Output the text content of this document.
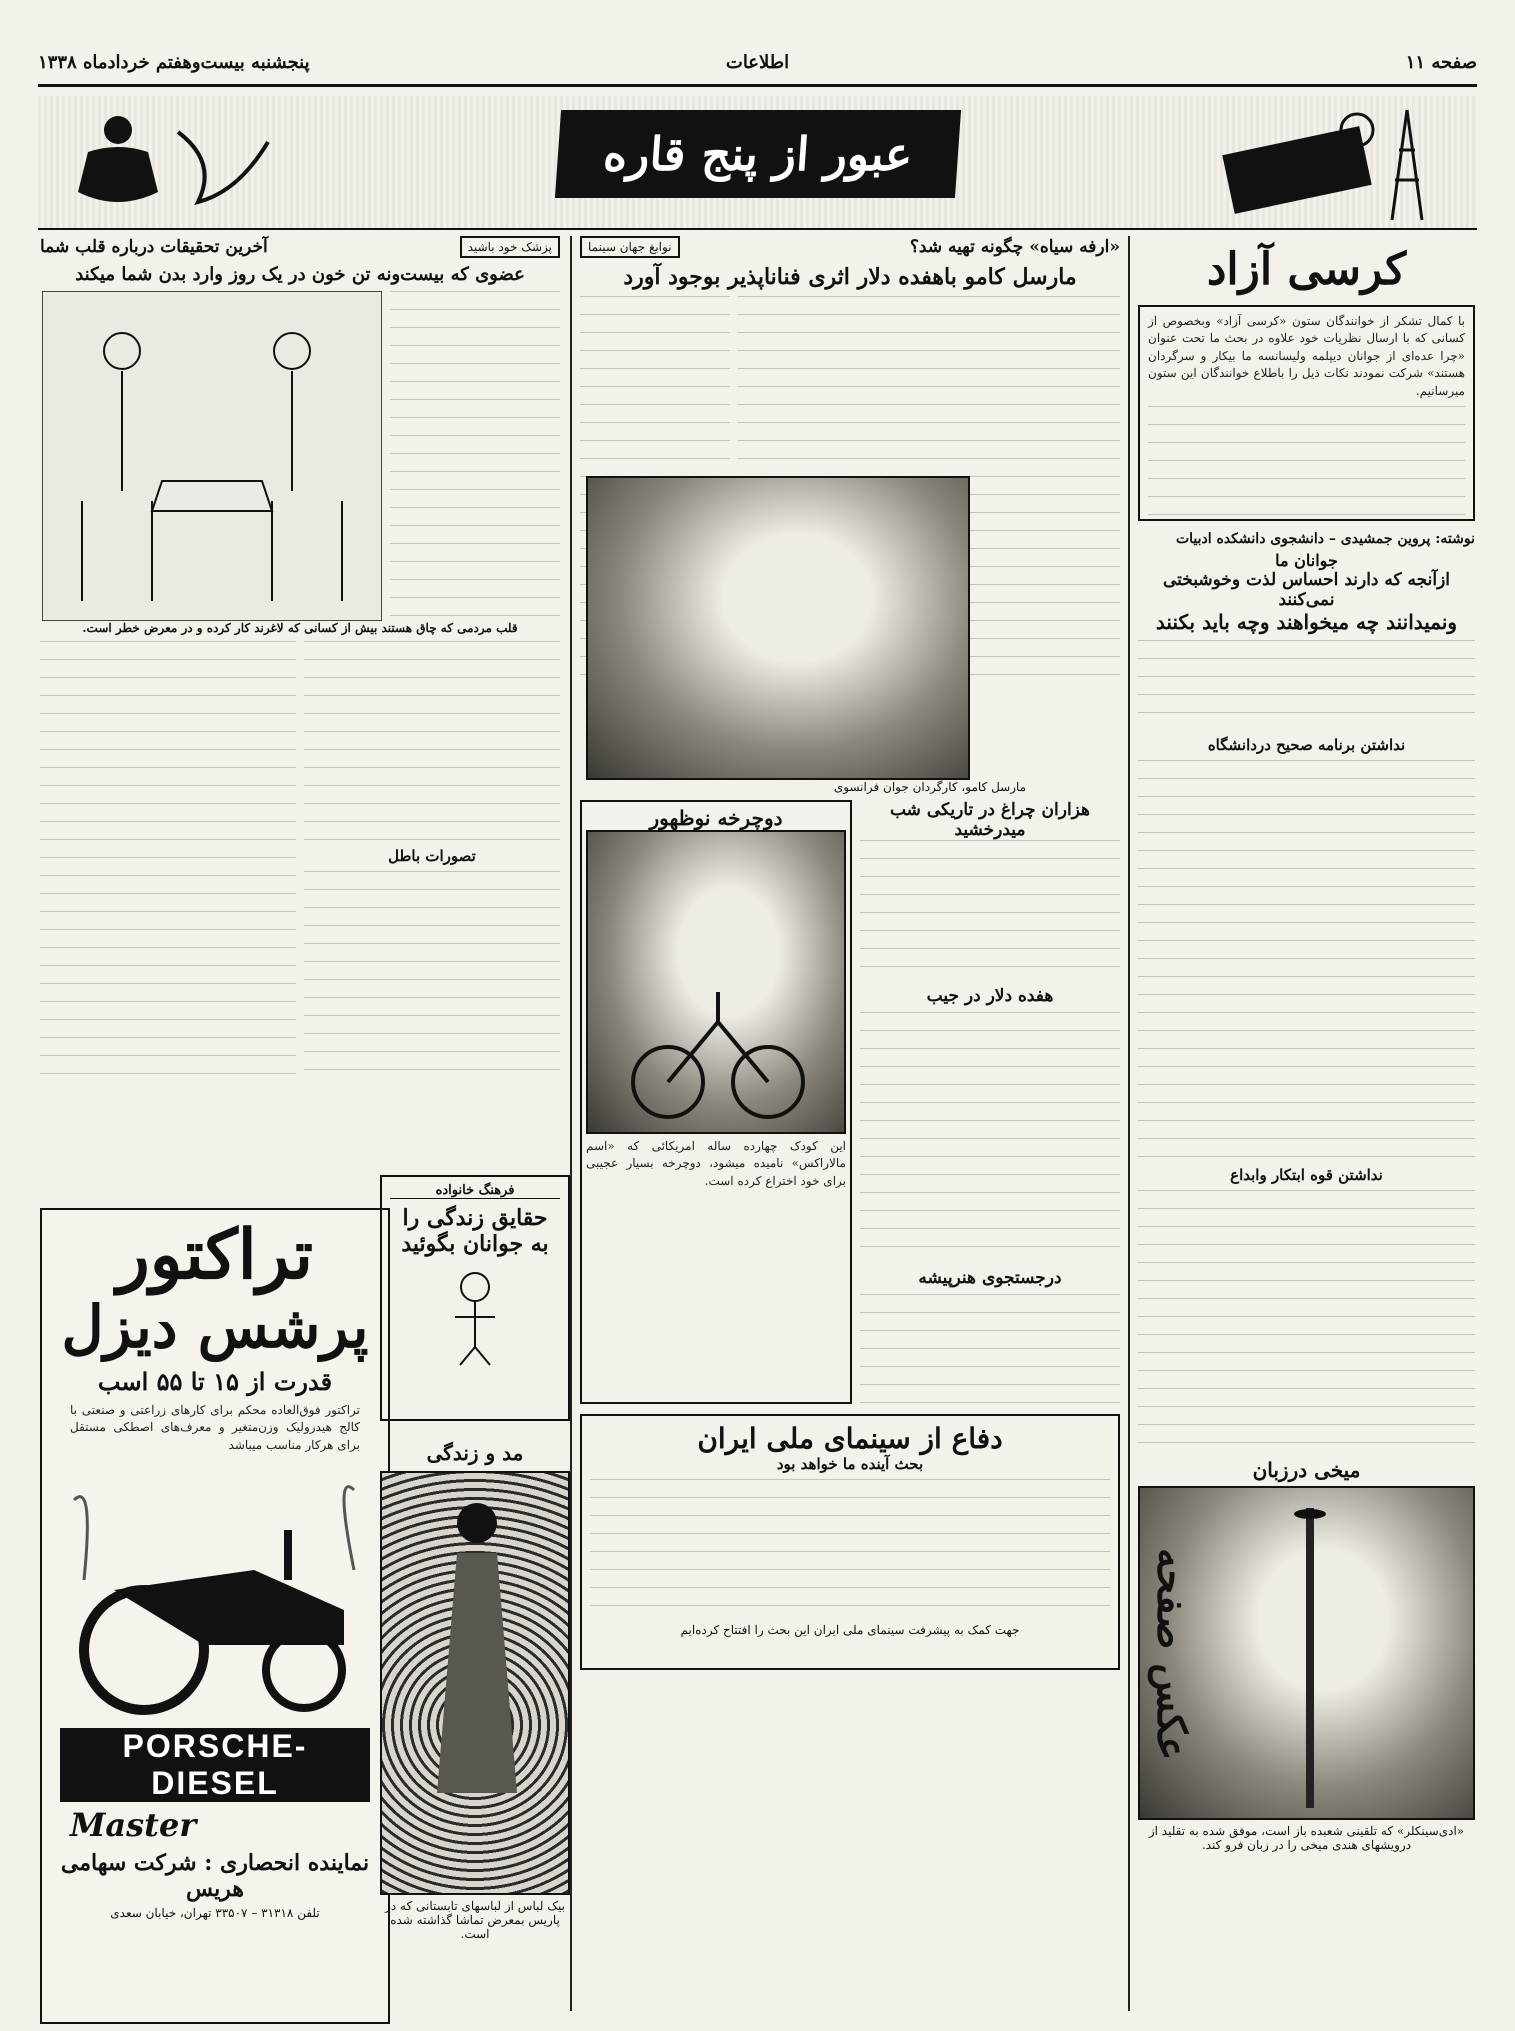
صفحه ۱۱
اطلاعات
پنجشنبه بیست‌وهفتم خردادماه ۱۳۳۸
عبور از پنج قاره
کرسی آزاد
با کمال تشکر از خوانندگان ستون «کرسی آزاد» وبخصوص از کسانی که با ارسال نظریات خود علاوه در بحث ما تحت عنوان «چرا عده‌ای از جوانان دیپلمه ولیسانسه ما بیکار و سرگردان هستند» شرکت نمودند نکات ذیل را باطلاع خوانندگان این ستون میرسانیم.
نوشته: پروین جمشیدی – دانشجوی دانشکده ادبیات
جوانان ما
ازآنجه که دارند احساس لذت وخوشبختی نمی‌کنند
ونمیدانند چه میخواهند وچه باید بکنند
نداشتن برنامه صحیح دردانشگاه
نداشتن قوه ابتکار وابداع
میخی درزبان
عکس صفحه
«ادی‌سینکلر» که تلقینی شعبده باز است، موفق شده به تقلید از درویشهای هندی میخی را در زبان فرو کند.
«ارفه سیاه» چگونه تهیه شد؟
نوابغ جهان سینما
مارسل کامو باهفده دلار اثری فنانا‌پذیر بوجود آورد
مارسل کامو، کارگردان جوان فرانسوی
هزاران چراغ در تاریکی شب میدرخشید
هفده دلار در جیب
درجستجوی هنرپیشه
دوچرخه نوظهور
این کودک چهارده ساله امریکائی که «اسم مالاراکس» نامیده میشود، دوچرخه بسیار عجیبی برای خود اختراع کرده است.
دفاع از سینمای ملی ایران
بحث آینده ما خواهد بود
جهت کمک به پیشرفت سینمای ملی ایران این بحث را افتتاح کرده‌ایم
پزشک خود باشید
آخرین تحقیقات درباره قلب شما
عضوی که بیست‌ونه تن خون در یک روز وارد بدن شما میکند
قلب مردمی که چاق هستند بیش از کسانی که لاغرند کار کرده و در معرض خطر است.
تصورات باطل
تراکتور
پرشس دیزل
قدرت از ۱۵ تا ۵۵ اسب
تراکتور فوق‌العاده محکم برای کارهای زراعتی و صنعتی با کالج هیدرولیک وزن‌متغیر و معرف‌های اصطکی مستقل برای هرکار مناسب میباشد
PORSCHE-DIESEL
Master
نماینده انحصاری : شرکت سهامی هریس
تلفن ۳۱۳۱۸ – ۳۳۵۰۷ تهران، خیابان سعدی
فرهنگ خانواده
حقایق زندگی را به جوانان بگوئید
مد و زندگی
بیک لباس از لباسهای تابستانی که در پاریس بمعرض تماشا گذاشته شده است.
